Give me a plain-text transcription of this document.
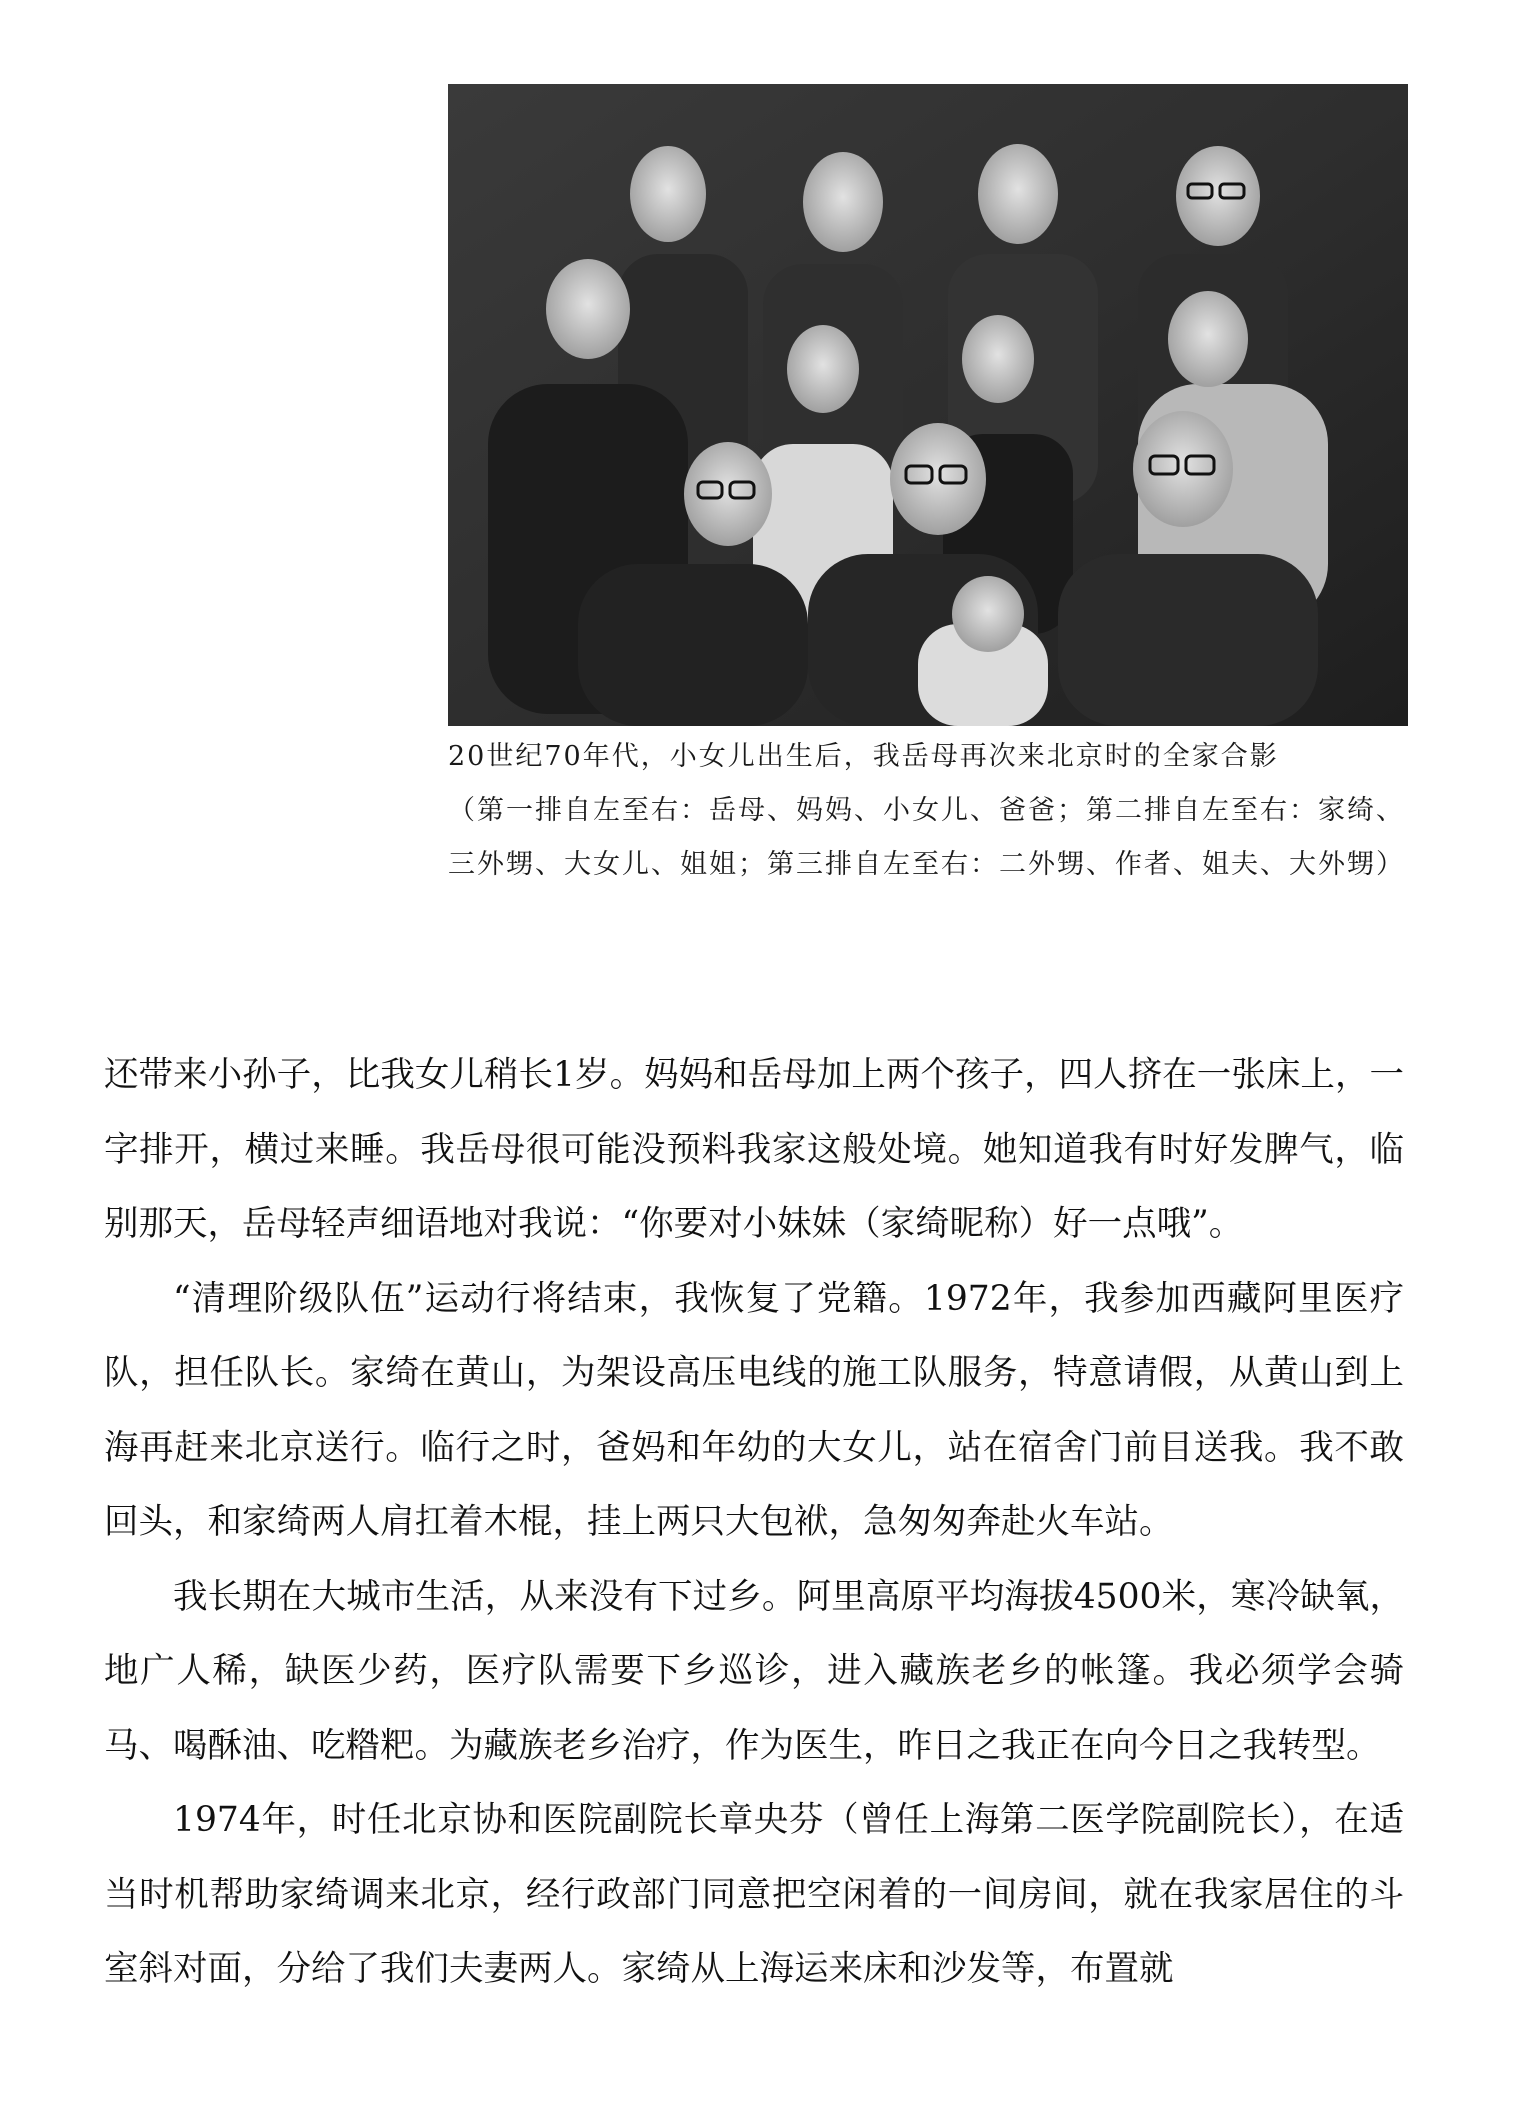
20世纪70年代，小女儿出生后，我岳母再次来北京时的全家合影

（第一排自左至右：岳母、妈妈、小女儿、爸爸；第二排自左至右：家绮、三外甥、大女儿、姐姐；第三排自左至右：二外甥、作者、姐夫、大外甥）

还带来小孙子，比我女儿稍长1岁。妈妈和岳母加上两个孩子，四人挤在一张床上，一字排开，横过来睡。我岳母很可能没预料我家这般处境。她知道我有时好发脾气，临别那天，岳母轻声细语地对我说：“你要对小妹妹（家绮昵称）好一点哦”。

“清理阶级队伍”运动行将结束，我恢复了党籍。1972年，我参加西藏阿里医疗队，担任队长。家绮在黄山，为架设高压电线的施工队服务，特意请假，从黄山到上海再赶来北京送行。临行之时，爸妈和年幼的大女儿，站在宿舍门前目送我。我不敢回头，和家绮两人肩扛着木棍，挂上两只大包袱，急匆匆奔赴火车站。

我长期在大城市生活，从来没有下过乡。阿里高原平均海拔4500米，寒冷缺氧，地广人稀，缺医少药，医疗队需要下乡巡诊，进入藏族老乡的帐篷。我必须学会骑马、喝酥油、吃糌粑。为藏族老乡治疗，作为医生，昨日之我正在向今日之我转型。

1974年，时任北京协和医院副院长章央芬（曾任上海第二医学院副院长），在适当时机帮助家绮调来北京，经行政部门同意把空闲着的一间房间，就在我家居住的斗室斜对面，分给了我们夫妻两人。家绮从上海运来床和沙发等，布置就
